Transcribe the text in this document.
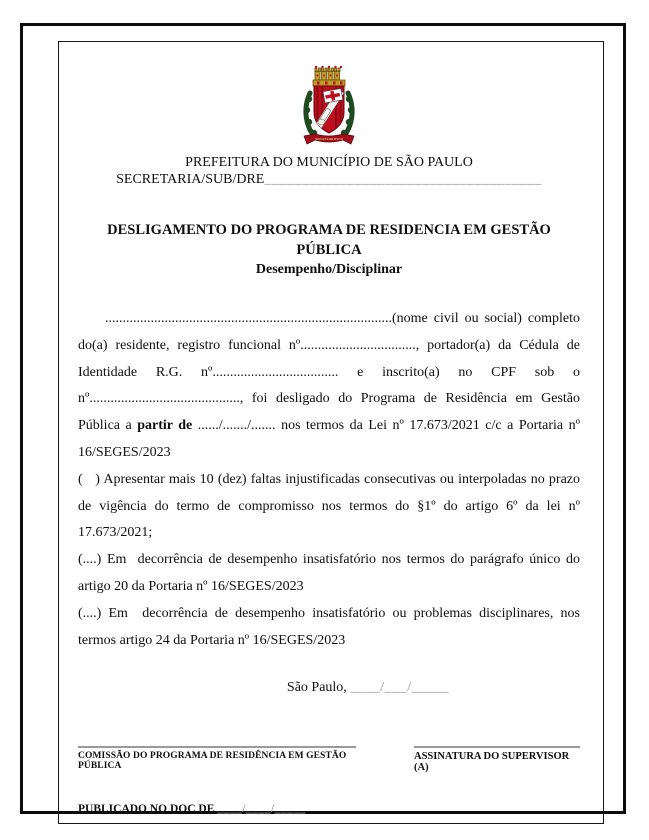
NON DVCOR DVCO
PREFEITURA DO MUNICÍPIO DE SÃO PAULO
SECRETARIA/SUB/DRE_____________________________________
DESLIGAMENTO DO PROGRAMA DE RESIDENCIA EM GESTÃO PÚBLICA
Desempenho/Disciplinar

..................................................................................(nome civil ou social) completo do(a) residente, registro funcional nº................................., portador(a) da Cédula de Identidade R.G. nº.................................... e inscrito(a) no CPF sob o nº..........................................., foi desligado do Programa de Residência em Gestão Pública a partir de ....../......./....... nos termos da Lei nº 17.673/2021 c/c a Portaria nº 16/SEGES/2023

(   ) Apresentar mais 10 (dez) faltas injustificadas consecutivas ou interpoladas no prazo de vigência do termo de compromisso nos termos do §1º do artigo 6º da lei nº 17.673/2021;

(....) Em  decorrência de desempenho insatisfatório nos termos do parágrafo único do artigo 20 da Portaria nº 16/SEGES/2023

(....) Em  decorrência de desempenho insatisfatório ou problemas disciplinares, nos termos artigo 24 da Portaria nº 16/SEGES/2023

São Paulo, ____/___/_____
COMISSÃO DO PROGRAMA DE RESIDÊNCIA EM GESTÃO PÚBLICA
ASSINATURA DO SUPERVISOR (A)
PUBLICADO NO DOC DE ____/____/_____
